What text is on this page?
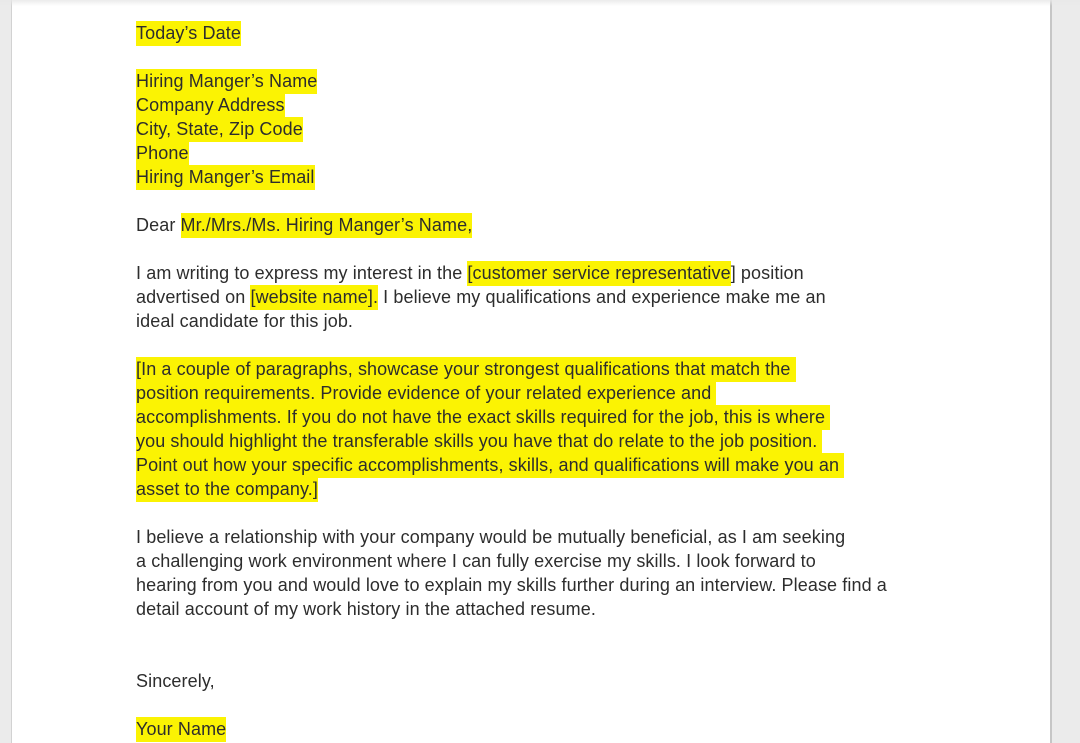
Today’s Date
Hiring Manger’s Name
Company Address
City, State, Zip Code
Phone
Hiring Manger’s Email
Dear Mr./Mrs./Ms. Hiring Manger’s Name,
I am writing to express my interest in the [customer service representative] position
advertised on [website name]. I believe my qualifications and experience make me an
ideal candidate for this job.
[In a couple of paragraphs, showcase your strongest qualifications that match the
position requirements. Provide evidence of your related experience and
accomplishments. If you do not have the exact skills required for the job, this is where
you should highlight the transferable skills you have that do relate to the job position.
Point out how your specific accomplishments, skills, and qualifications will make you an
asset to the company.]
I believe a relationship with your company would be mutually beneficial, as I am seeking
a challenging work environment where I can fully exercise my skills. I look forward to
hearing from you and would love to explain my skills further during an interview. Please find a
detail account of my work history in the attached resume.
Sincerely,
Your Name
